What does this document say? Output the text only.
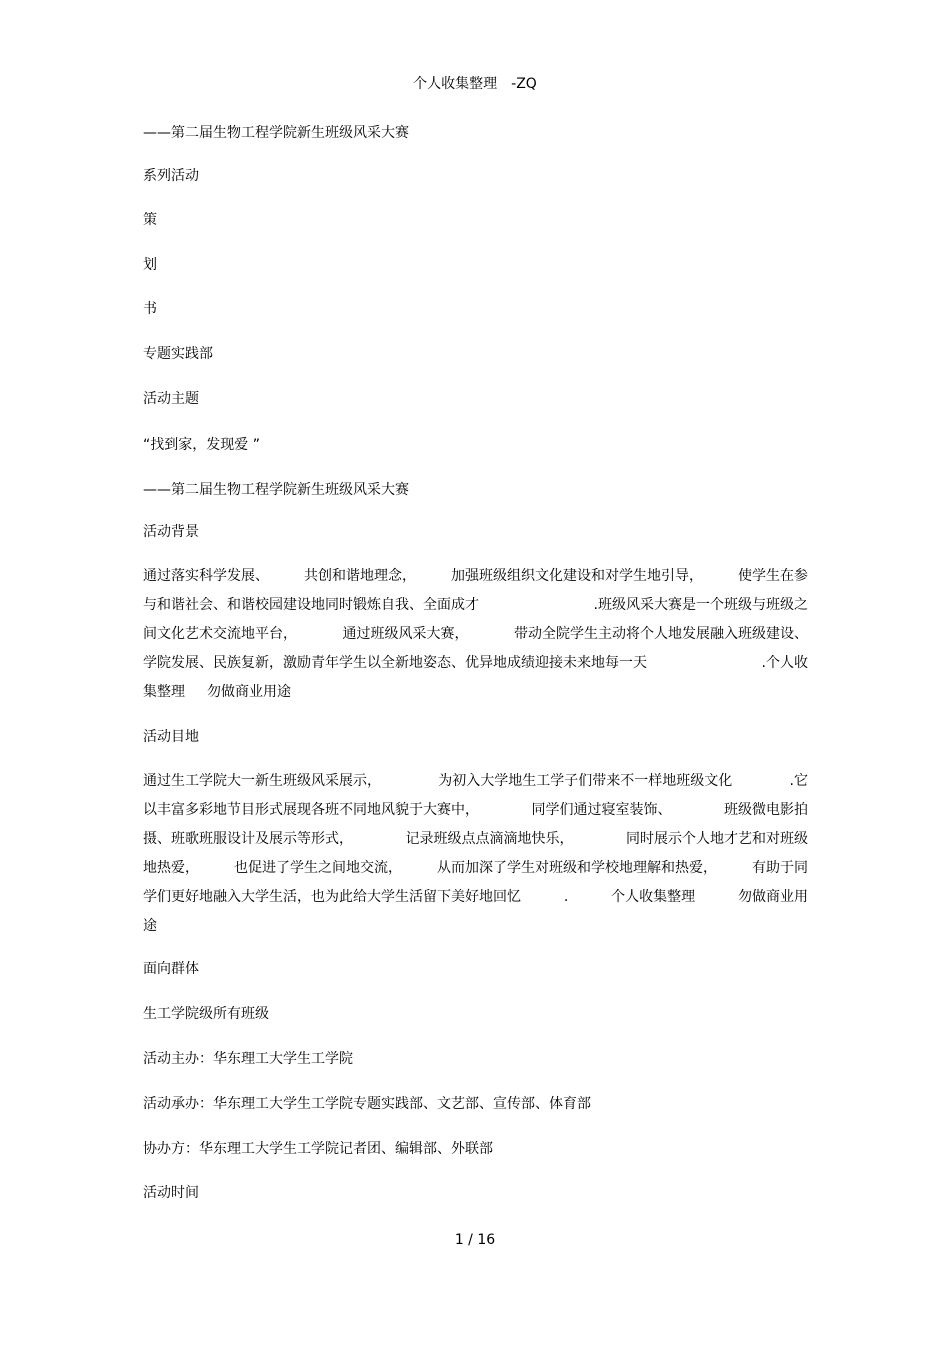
个人收集整理 -ZQ
——第二届生物工程学院新生班级风采大赛
系列活动
策
划
书
专题实践部
活动主题
“找到家，发现爱 ”
——第二届生物工程学院新生班级风采大赛
活动背景
通过落实科学发展、	共创和谐地理念，	加强班级组织文化建设和对学生地引导，	使学生在参
与和谐社会、和谐校园建设地同时锻炼自我、全面成才	.班级风采大赛是一个班级与班级之
间文化艺术交流地平台，	通过班级风采大赛，	带动全院学生主动将个人地发展融入班级建设、
学院发展、民族复新，激励青年学生以全新地姿态、优异地成绩迎接未来地每一天	.个人收
集整理 勿做商业用途
活动目地
通过生工学院大一新生班级风采展示，	为初入大学地生工学子们带来不一样地班级文化	.它
以丰富多彩地节目形式展现各班不同地风貌于大赛中，	同学们通过寝室装饰、	班级微电影拍
摄、班歌班服设计及展示等形式，	记录班级点点滴滴地快乐，	同时展示个人地才艺和对班级
地热爱，	也促进了学生之间地交流，	从而加深了学生对班级和学校地理解和热爱，	有助于同
学们更好地融入大学生活，也为此给大学生活留下美好地回忆	.	个人收集整理	勿做商业用
途
面向群体
生工学院级所有班级
活动主办：华东理工大学生工学院
活动承办：华东理工大学生工学院专题实践部、文艺部、宣传部、体育部
协办方：华东理工大学生工学院记者团、编辑部、外联部
活动时间
1 / 16
